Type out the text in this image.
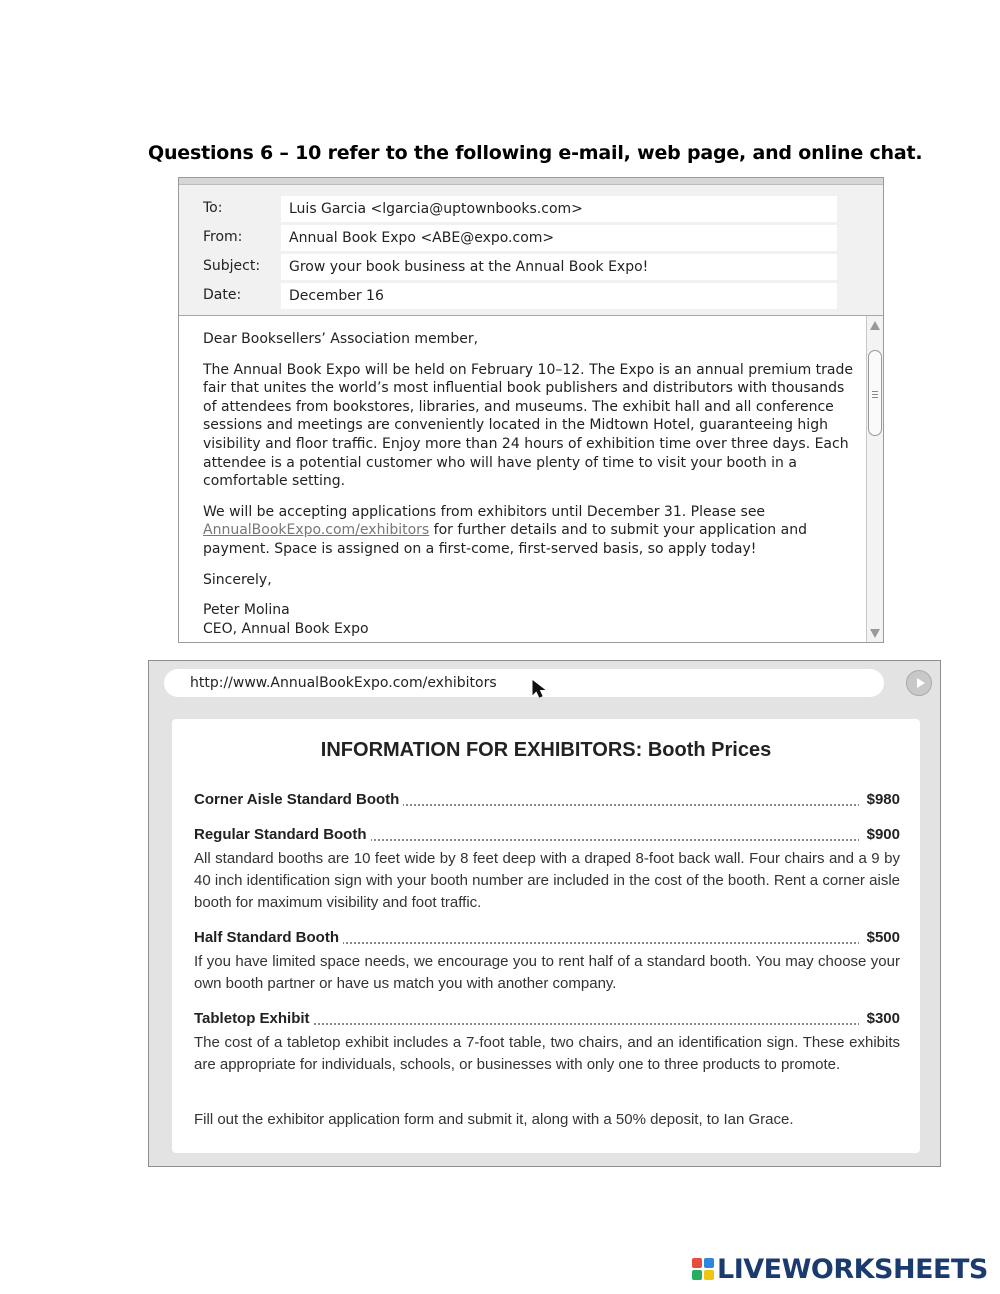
Questions 6 – 10 refer to the following e-mail, web page, and online chat.
To:	Luis Garcia <lgarcia@uptownbooks.com>
From:	Annual Book Expo <ABE@expo.com>
Subject:	Grow your book business at the Annual Book Expo!
Date:	December 16

Dear Booksellers’ Association member,

The Annual Book Expo will be held on February 10–12. The Expo is an annual premium trade fair that unites the world’s most influential book publishers and distributors with thousands of attendees from bookstores, libraries, and museums. The exhibit hall and all conference sessions and meetings are conveniently located in the Midtown Hotel, guaranteeing high visibility and floor traffic. Enjoy more than 24 hours of exhibition time over three days. Each attendee is a potential customer who will have plenty of time to visit your booth in a comfortable setting.

We will be accepting applications from exhibitors until December 31. Please see AnnualBookExpo.com/exhibitors for further details and to submit your application and payment. Space is assigned on a first-come, first-served basis, so apply today!

Sincerely,

Peter Molina
CEO, Annual Book Expo

http://www.AnnualBookExpo.com/exhibitors
INFORMATION FOR EXHIBITORS: Booth Prices
Corner Aisle Standard Booth	$980
Regular Standard Booth	$900

All standard booths are 10 feet wide by 8 feet deep with a draped 8-foot back wall. Four chairs and a 9 by 40 inch identification sign with your booth number are included in the cost of the booth. Rent a corner aisle booth for maximum visibility and foot traffic.

Half Standard Booth	$500

If you have limited space needs, we encourage you to rent half of a standard booth. You may choose your own booth partner or have us match you with another company.

Tabletop Exhibit	$300

The cost of a tabletop exhibit includes a 7-foot table, two chairs, and an identification sign. These exhibits are appropriate for individuals, schools, or businesses with only one to three products to promote.

Fill out the exhibitor application form and submit it, along with a 50% deposit, to Ian Grace.
LIVEWORKSHEETS
